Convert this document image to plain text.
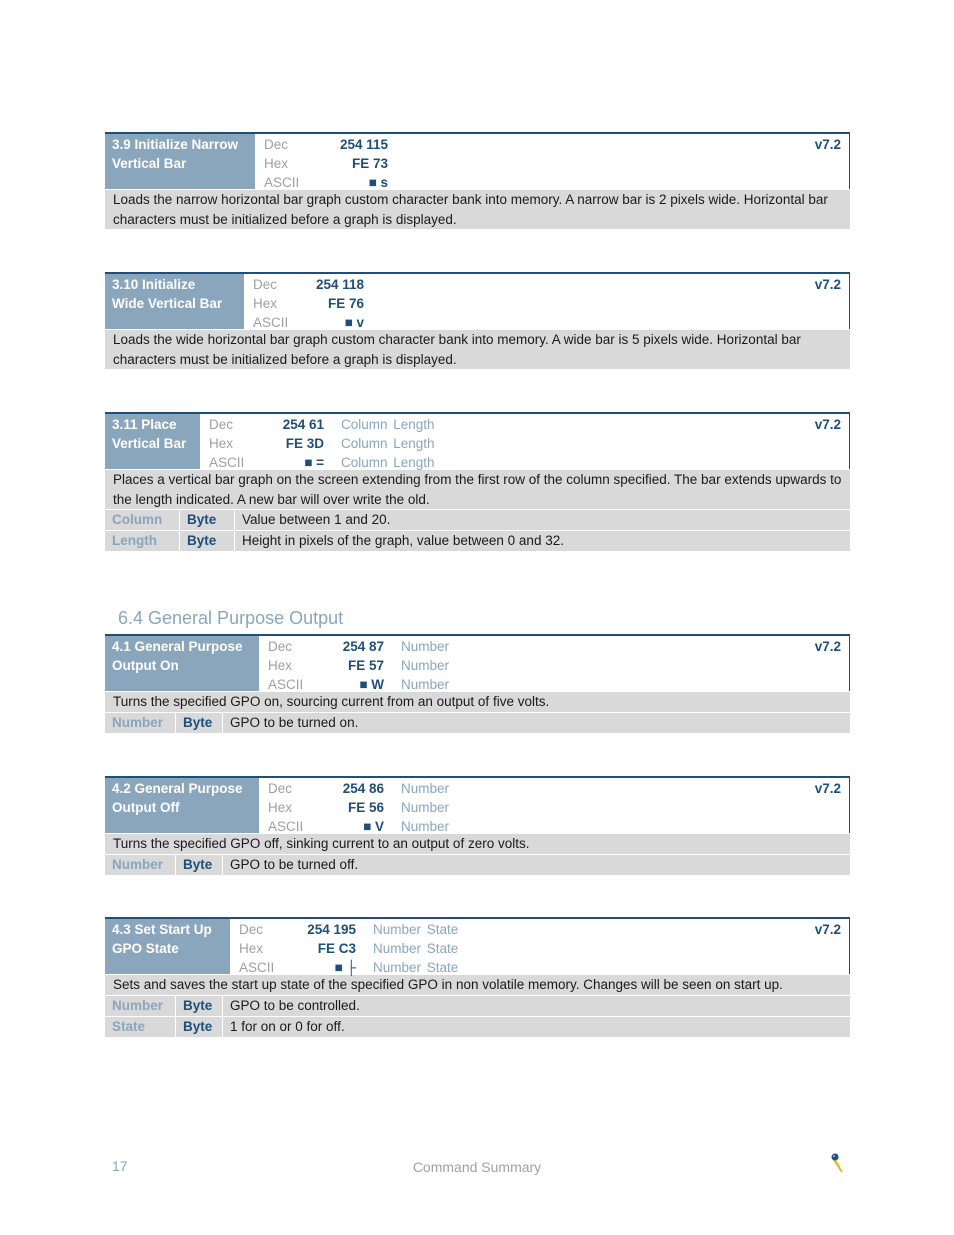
3.9 Initialize Narrow
Vertical Bar
Dec	254 115
Hex	FE 73
ASCII	■ s
v7.2
Loads the narrow horizontal bar graph custom character bank into memory. A narrow bar is 2 pixels wide. Horizontal bar characters must be initialized before a graph is displayed.
3.10 Initialize
Wide Vertical Bar
Dec	254 118
Hex	FE 76
ASCII	■ v
v7.2
Loads the wide horizontal bar graph custom character bank into memory. A wide bar is 5 pixels wide. Horizontal bar characters must be initialized before a graph is displayed.
3.11 Place
Vertical Bar
Dec	254 61 Column Length
Hex	FE 3D Column Length
ASCII	■ = Column Length
v7.2
Places a vertical bar graph on the screen extending from the first row of the column specified. The bar extends upwards to the length indicated. A new bar will over write the old.
Column	Byte	Value between 1 and 20.
Length	Byte	Height in pixels of the graph, value between 0 and 32.
6.4 General Purpose Output
4.1 General Purpose
Output On
Dec	254 87 Number
Hex	FE 57 Number
ASCII	■ W Number
v7.2
Turns the specified GPO on, sourcing current from an output of five volts.
Number	Byte	GPO to be turned on.
4.2 General Purpose
Output Off
Dec	254 86 Number
Hex	FE 56 Number
ASCII	■ V Number
v7.2
Turns the specified GPO off, sinking current to an output of zero volts.
Number	Byte	GPO to be turned off.
4.3 Set Start Up
GPO State
Dec	254 195 Number State
Hex	FE C3 Number State
ASCII	■ ├ Number State
v7.2
Sets and saves the start up state of the specified GPO in non volatile memory. Changes will be seen on start up.
Number	Byte	GPO to be controlled.
State	Byte	1 for on or 0 for off.
17	Command Summary
